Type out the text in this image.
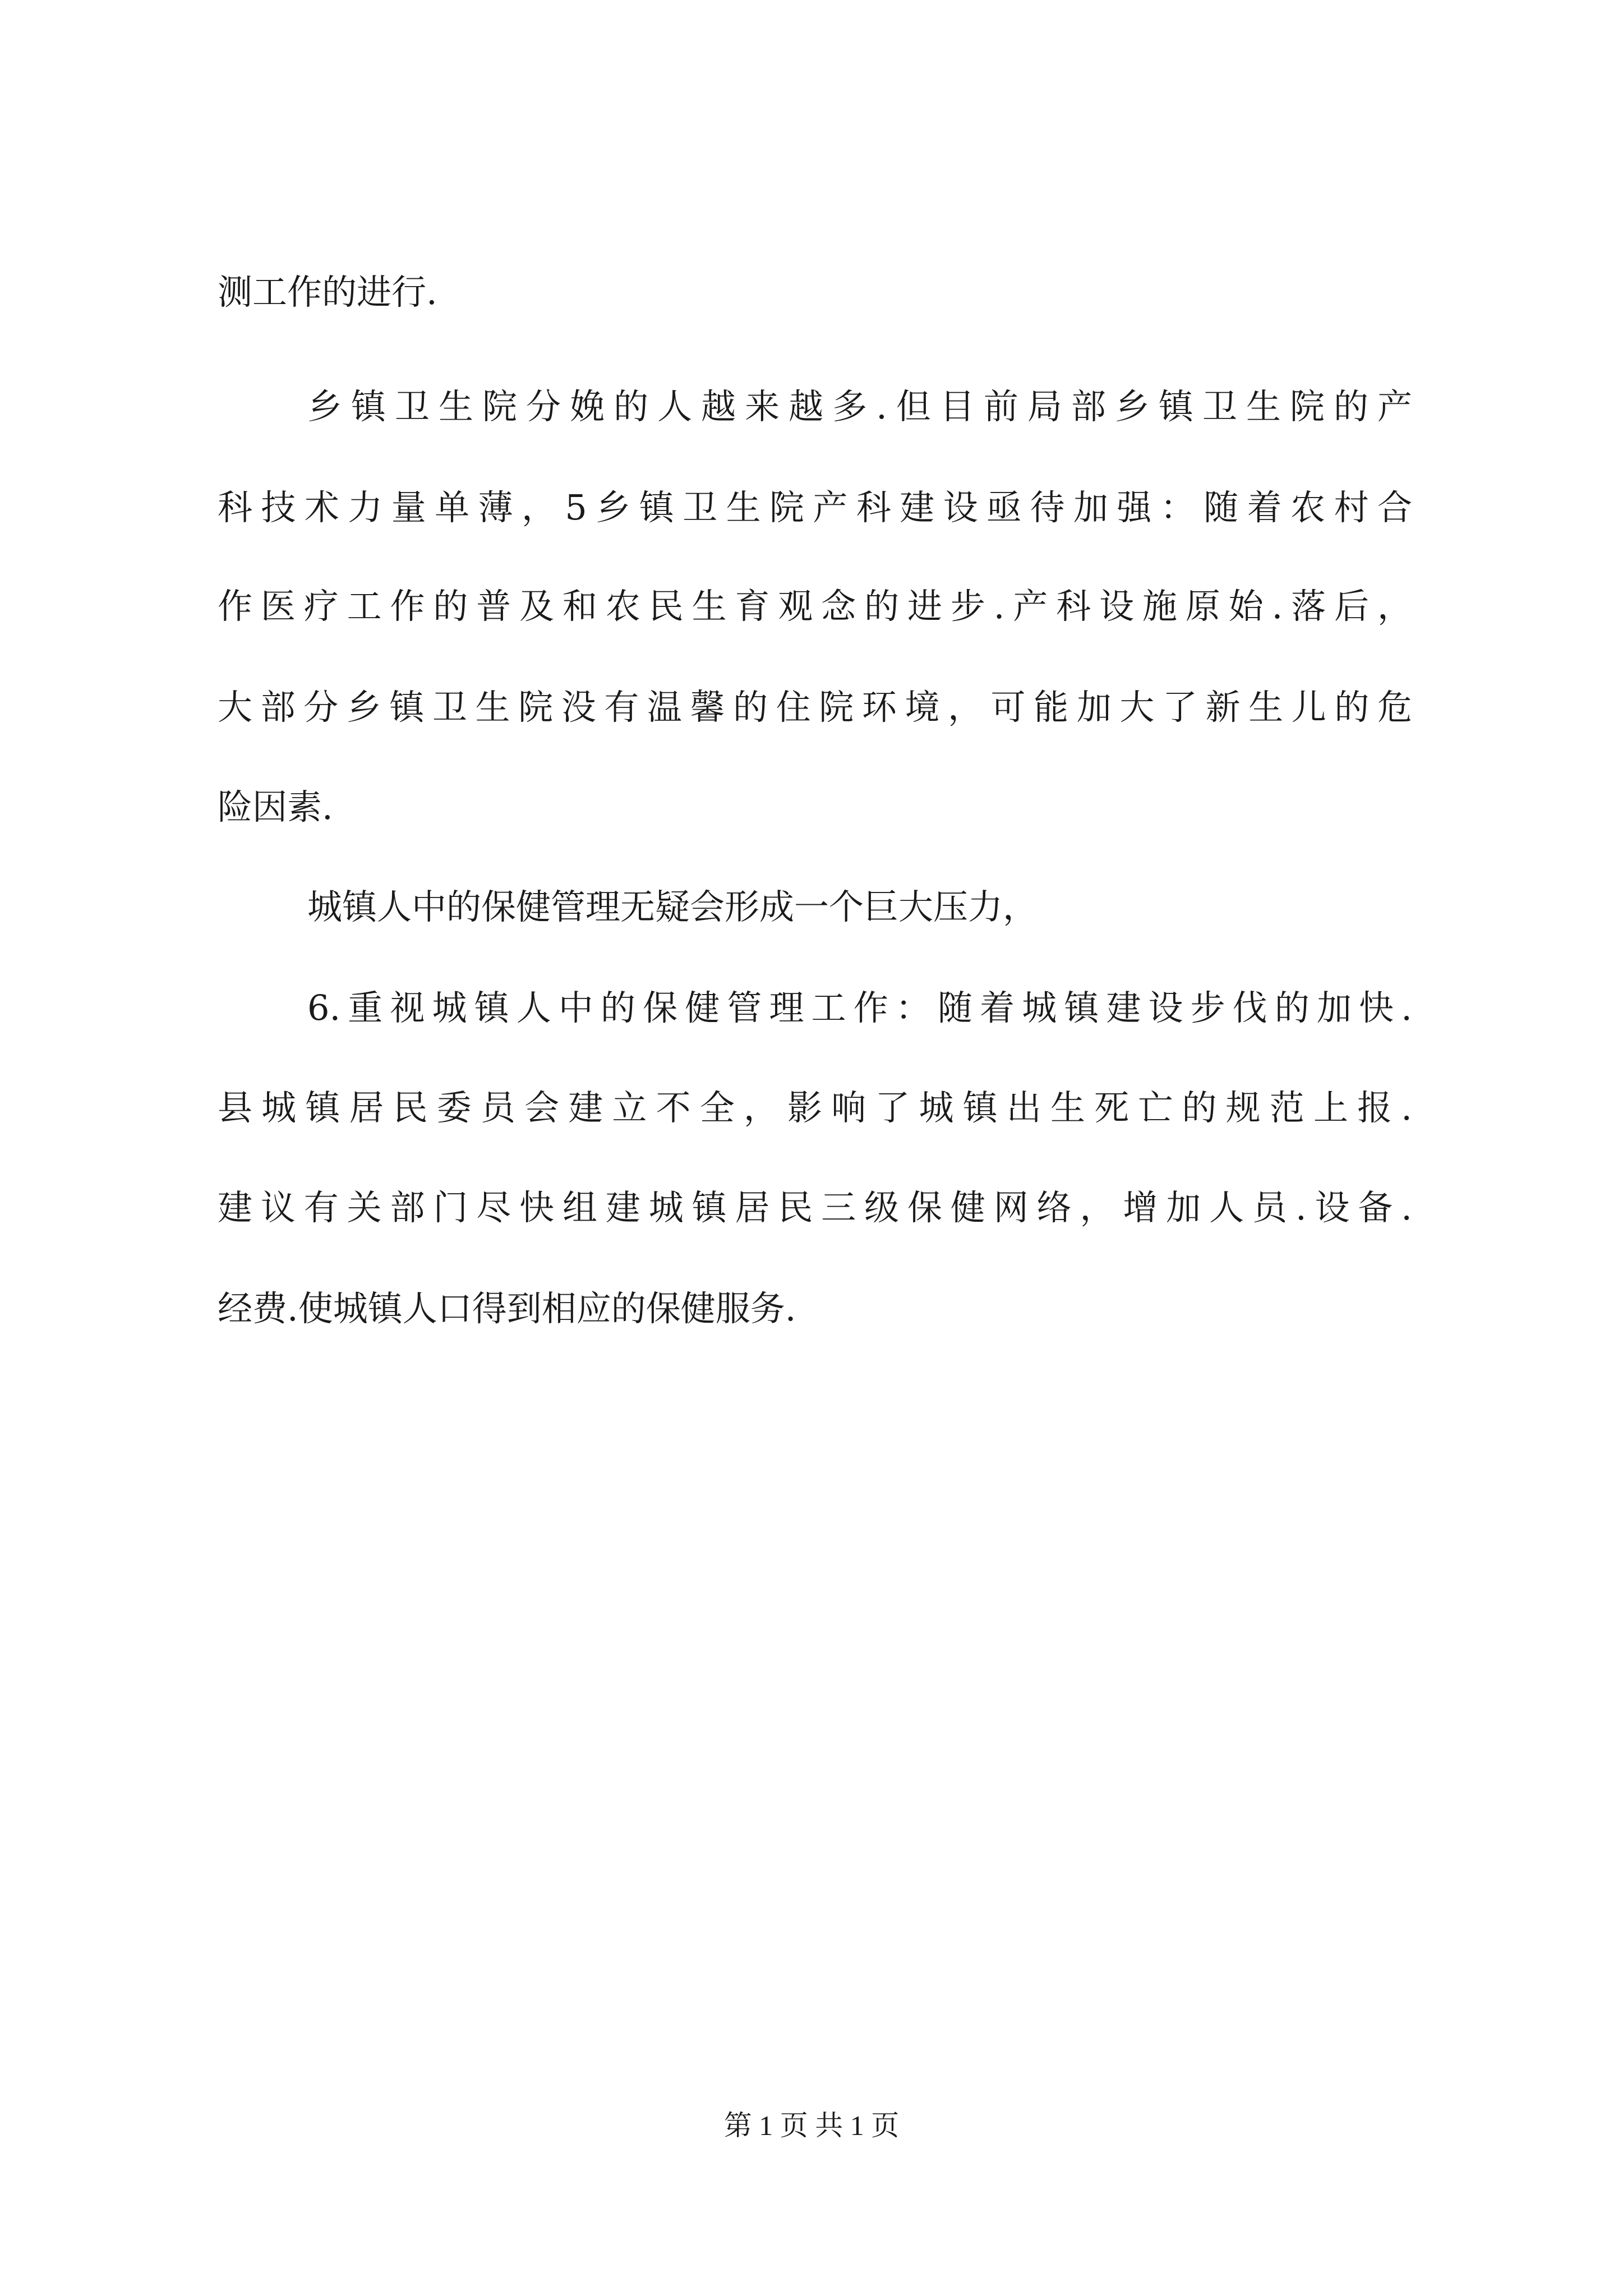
测工作的进行.
乡镇卫生院分娩的人越来越多.但目前局部乡镇卫生院的产
科技术力量单薄，5乡镇卫生院产科建设亟待加强：随着农村合
作医疗工作的普及和农民生育观念的进步.产科设施原始.落后，
大部分乡镇卫生院没有温馨的住院环境，可能加大了新生儿的危
险因素.
城镇人中的保健管理无疑会形成一个巨大压力，
6.重视城镇人中的保健管理工作：随着城镇建设步伐的加快.
县城镇居民委员会建立不全，影响了城镇出生死亡的规范上报.
建议有关部门尽快组建城镇居民三级保健网络，增加人员.设备.
经费.使城镇人口得到相应的保健服务.
第 1 页 共 1 页
